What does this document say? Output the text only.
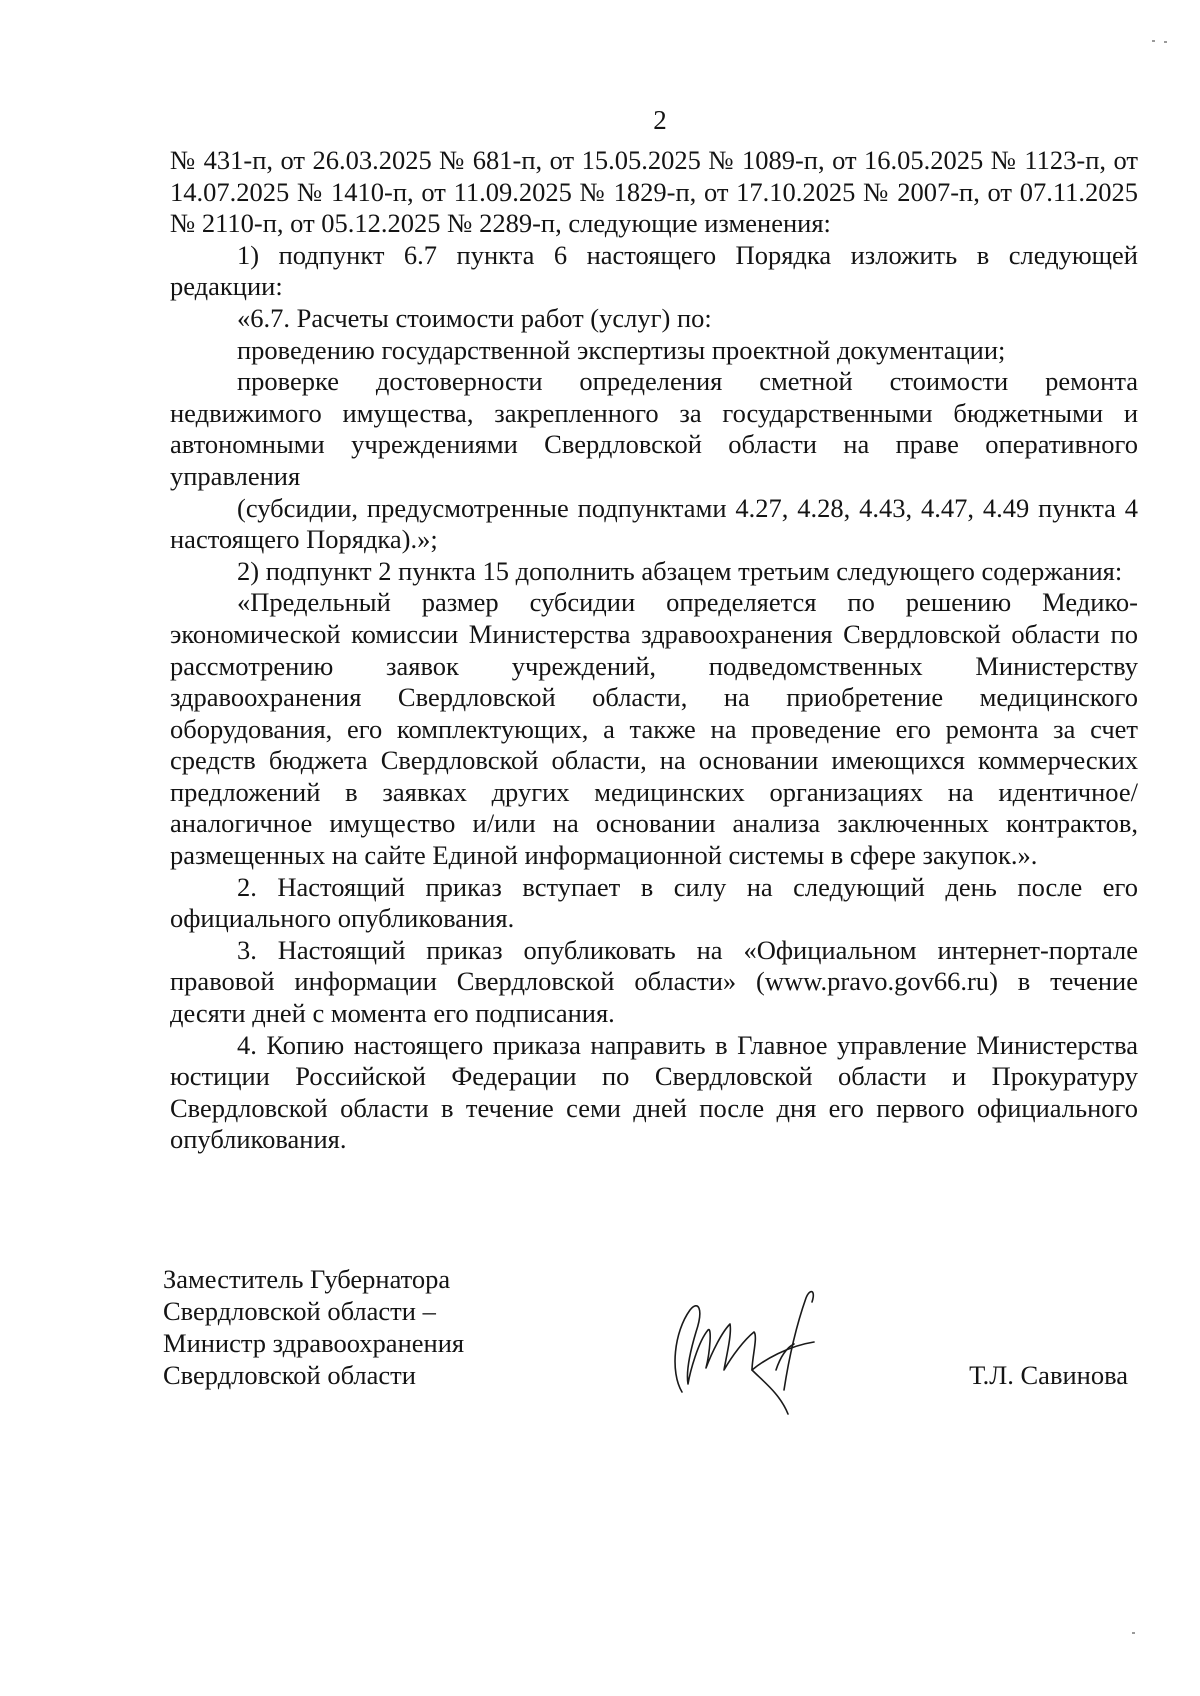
2

№ 431-п, от 26.03.2025 № 681-п, от 15.05.2025 № 1089-п, от 16.05.2025 № 1123-п, от 14.07.2025 № 1410-п, от 11.09.2025 № 1829-п, от 17.10.2025 № 2007-п, от 07.11.2025 № 2110-п, от 05.12.2025 № 2289-п, следующие изменения:

1) подпункт 6.7 пункта 6 настоящего Порядка изложить в следующей редакции:

«6.7. Расчеты стоимости работ (услуг) по:

проведению государственной экспертизы проектной документации;

проверке достоверности определения сметной стоимости ремонта недвижимого имущества, закрепленного за государственными бюджетными и автономными учреждениями Свердловской области на праве оперативного управления

(субсидии, предусмотренные подпунктами 4.27, 4.28, 4.43, 4.47, 4.49 пункта 4 настоящего Порядка).»;

2) подпункт 2 пункта 15 дополнить абзацем третьим следующего содержания:

«Предельный размер субсидии определяется по решению Медико-экономической комиссии Министерства здравоохранения Свердловской области по рассмотрению заявок учреждений, подведомственных Министерству здравоохранения Свердловской области, на приобретение медицинского оборудования, его комплектующих, а также на проведение его ремонта за счет средств бюджета Свердловской области, на основании имеющихся коммерческих предложений в заявках других медицинских организациях на идентичное/аналогичное имущество и/или на основании анализа заключенных контрактов, размещенных на сайте Единой информационной системы в сфере закупок.».

2. Настоящий приказ вступает в силу на следующий день после его официального опубликования.

3. Настоящий приказ опубликовать на «Официальном интернет-портале правовой информации Свердловской области» (www.pravo.gov66.ru) в течение десяти дней с момента его подписания.

4. Копию настоящего приказа направить в Главное управление Министерства юстиции Российской Федерации по Свердловской области и Прокуратуру Свердловской области в течение семи дней после дня его первого официального опубликования.

Заместитель Губернатора
Свердловской области –
Министр здравоохранения
Свердловской области	Т.Л. Савинова
